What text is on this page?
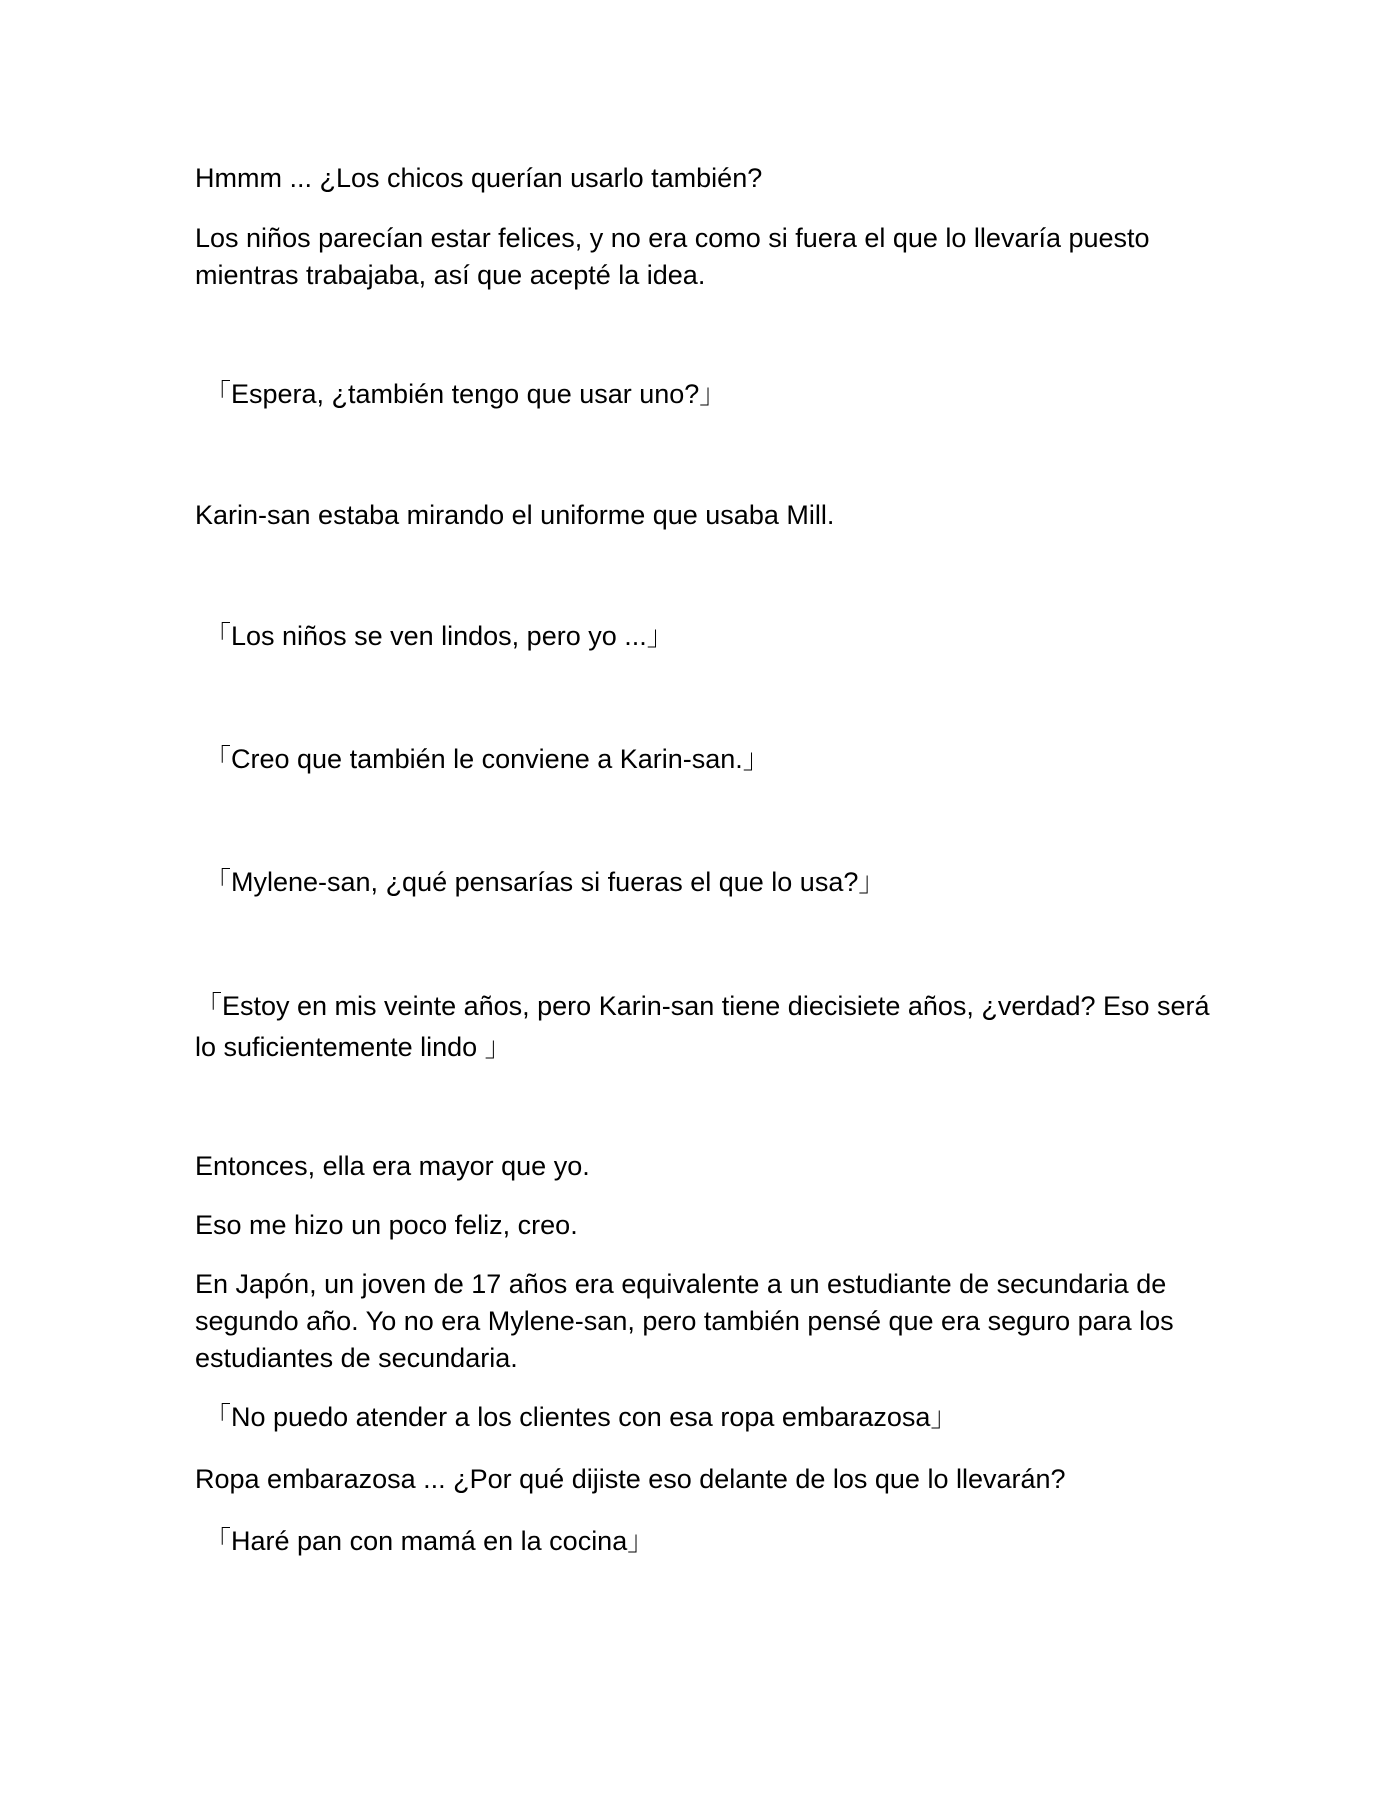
Hmmm ... ¿Los chicos querían usarlo también?

Los niños parecían estar felices, y no era como si fuera el que lo llevaría puesto mientras trabajaba, así que acepté la idea.

「Espera, ¿también tengo que usar uno?」

Karin-san estaba mirando el uniforme que usaba Mill.

「Los niños se ven lindos, pero yo ...」

「Creo que también le conviene a Karin-san.」

「Mylene-san, ¿qué pensarías si fueras el que lo usa?」

「Estoy en mis veinte años, pero Karin-san tiene diecisiete años, ¿verdad? Eso será lo suficientemente lindo 」

Entonces, ella era mayor que yo.

Eso me hizo un poco feliz, creo.

En Japón, un joven de 17 años era equivalente a un estudiante de secundaria de segundo año. Yo no era Mylene-san, pero también pensé que era seguro para los estudiantes de secundaria.

「No puedo atender a los clientes con esa ropa embarazosa」

Ropa embarazosa ... ¿Por qué dijiste eso delante de los que lo llevarán?

「Haré pan con mamá en la cocina」
